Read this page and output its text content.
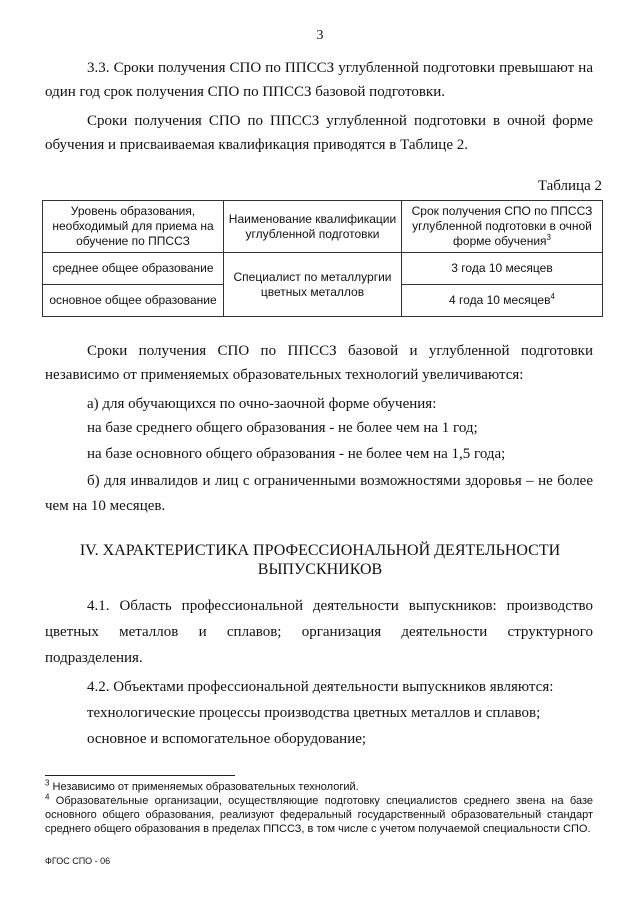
3
3.3. Сроки получения СПО по ППССЗ углубленной подготовки превышают на
один год срок получения СПО по ППССЗ базовой подготовки.
Сроки получения СПО по ППССЗ углубленной подготовки в очной форме
обучения и присваиваемая квалификация приводятся в Таблице 2.
Таблица 2
Уровень образования, необходимый для приема на обучение по ППССЗ	Наименование квалификации углубленной подготовки	Срок получения СПО по ППССЗ углубленной подготовки в очной форме обучения$^3$
среднее общее образование	Специалист по металлургии цветных металлов	3 года 10 месяцев
основное общее образование		4 года 10 месяцев$^4$
Сроки получения СПО по ППССЗ базовой и углубленной подготовки
независимо от применяемых образовательных технологий увеличиваются:
а) для обучающихся по очно-заочной форме обучения:
на базе среднего общего образования - не более чем на 1 год;
на базе основного общего образования - не более чем на 1,5 года;
б) для инвалидов и лиц с ограниченными возможностями здоровья – не более
чем на 10 месяцев.
IV. ХАРАКТЕРИСТИКА ПРОФЕССИОНАЛЬНОЙ ДЕЯТЕЛЬНОСТИ
ВЫПУСКНИКОВ
4.1. Область профессиональной деятельности выпускников: производство
цветных металлов и сплавов; организация деятельности структурного
подразделения.
4.2. Объектами профессиональной деятельности выпускников являются:
технологические процессы производства цветных металлов и сплавов;
основное и вспомогательное оборудование;
$^3$ Независимо от применяемых образовательных технологий.
$^4$ Образовательные организации, осуществляющие подготовку специалистов среднего звена на базе основного общего образования, реализуют федеральный государственный образовательный стандарт среднего общего образования в пределах ППССЗ, в том числе с учетом получаемой специальности СПО.
ФГОС СПО - 06
